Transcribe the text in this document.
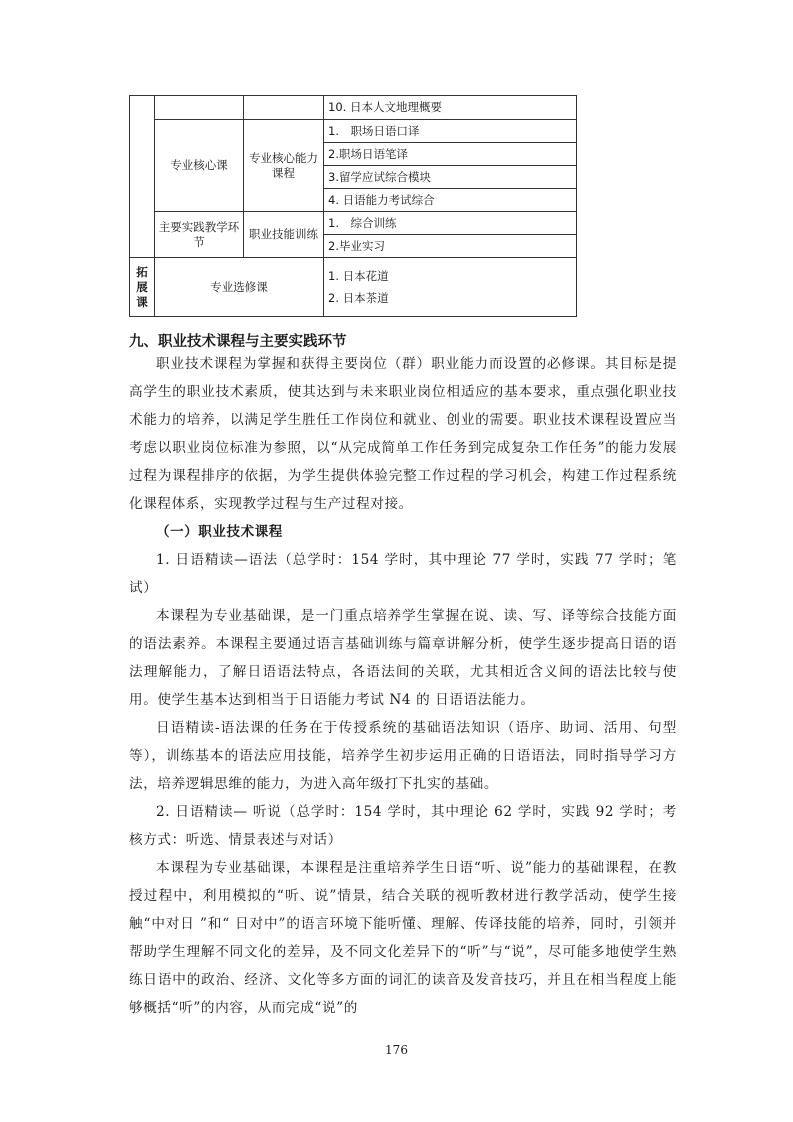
			10. 日本人文地理概要
	专业核心课	专业核心能力课程	1.　职场日语口译
			2.职场日语笔译
			3.留学应试综合模块
			4. 日语能力考试综合
	主要实践教学环节	职业技能训练	1.　综合训练
			2.毕业实习
拓展课	专业选修课		1. 日本花道
2. 日本茶道
九、职业技术课程与主要实践环节

职业技术课程为掌握和获得主要岗位（群）职业能力而设置的必修课。其目标是提高学生的职业技术素质，使其达到与未来职业岗位相适应的基本要求，重点强化职业技术能力的培养，以满足学生胜任工作岗位和就业、创业的需要。职业技术课程设置应当考虑以职业岗位标准为参照，以“从完成简单工作任务到完成复杂工作任务”的能力发展过程为课程排序的依据，为学生提供体验完整工作过程的学习机会，构建工作过程系统化课程体系，实现教学过程与生产过程对接。

（一）职业技术课程

1. 日语精读—语法（总学时：154 学时，其中理论 77 学时，实践 77 学时；笔试）

本课程为专业基础课，是一门重点培养学生掌握在说、读、写、译等综合技能方面的语法素养。本课程主要通过语言基础训练与篇章讲解分析，使学生逐步提高日语的语法理解能力，了解日语语法特点，各语法间的关联，尤其相近含义间的语法比较与使用。使学生基本达到相当于日语能力考试 N4 的 日语语法能力。

日语精读-语法课的任务在于传授系统的基础语法知识（语序、助词、活用、句型等），训练基本的语法应用技能，培养学生初步运用正确的日语语法，同时指导学习方法，培养逻辑思维的能力，为进入高年级打下扎实的基础。

2. 日语精读— 听说（总学时：154 学时，其中理论 62 学时，实践 92 学时；考核方式：听选、情景表述与对话）

本课程为专业基础课，本课程是注重培养学生日语“听、说”能力的基础课程，在教授过程中，利用模拟的“听、说”情景，结合关联的视听教材进行教学活动，使学生接触“中对日 ”和“ 日对中”的语言环境下能听懂、理解、传译技能的培养，同时，引领并帮助学生理解不同文化的差异，及不同文化差异下的“听”与“说”，尽可能多地使学生熟练日语中的政治、经济、文化等多方面的词汇的读音及发音技巧，并且在相当程度上能够概括“听”的内容，从而完成“说”的

176
